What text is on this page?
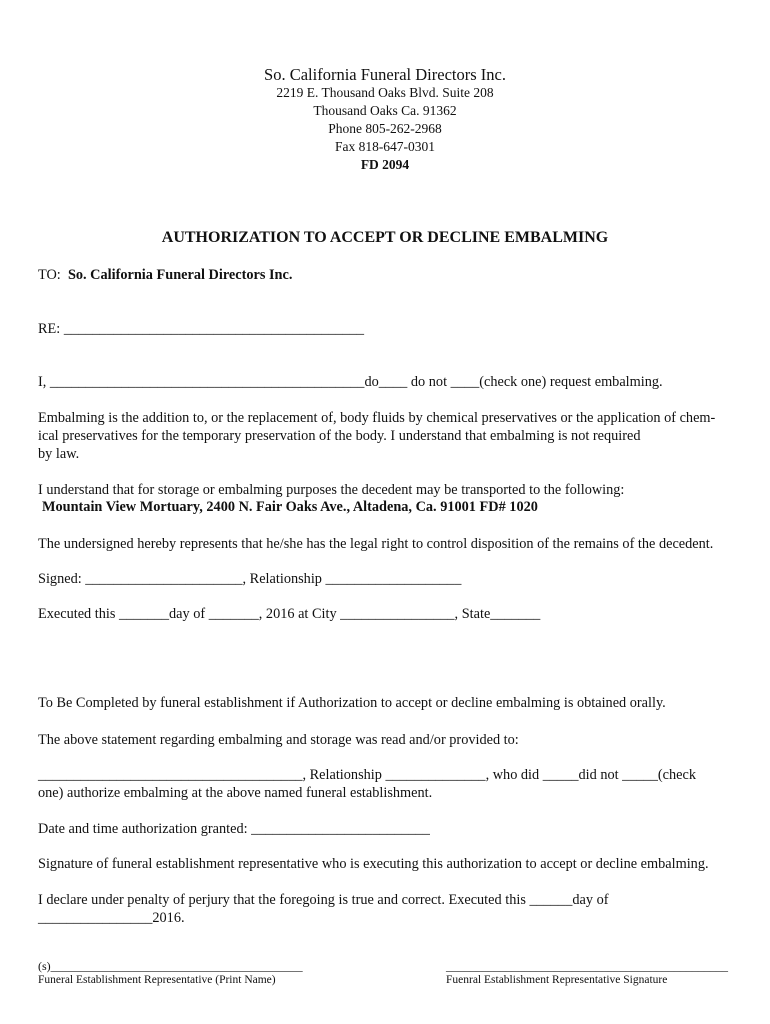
So. California Funeral Directors Inc.
2219 E. Thousand Oaks Blvd. Suite 208
Thousand Oaks Ca. 91362
Phone 805-262-2968
Fax 818-647-0301
FD 2094
AUTHORIZATION TO ACCEPT OR DECLINE EMBALMING
TO: So. California Funeral Directors Inc.
RE: __________________________________________
I, ____________________________________________do____ do not ____(check one) request embalming.
Embalming is the addition to, or the replacement of, body fluids by chemical preservatives or the application of chem-
ical preservatives for the temporary preservation of the body. I understand that embalming is not required
by law.
I understand that for storage or embalming purposes the decedent may be transported to the following:
Mountain View Mortuary, 2400 N. Fair Oaks Ave., Altadena, Ca. 91001 FD# 1020
The undersigned hereby represents that he/she has the legal right to control disposition of the remains of the decedent.
Signed: ______________________, Relationship ___________________
Executed this _______day of _______, 2016 at City ________________, State_______
To Be Completed by funeral establishment if Authorization to accept or decline embalming is obtained orally.
The above statement regarding embalming and storage was read and/or provided to:
_____________________________________, Relationship ______________, who did _____did not _____(check
one) authorize embalming at the above named funeral establishment.
Date and time authorization granted: _________________________
Signature of funeral establishment representative who is executing this authorization to accept or decline embalming.
I declare under penalty of perjury that the foregoing is true and correct. Executed this ______day of
________________2016.
(s)__________________________________________
Funeral Establishment Representative (Print Name)
_______________________________________________
Fuenral Establishment Representative Signature
